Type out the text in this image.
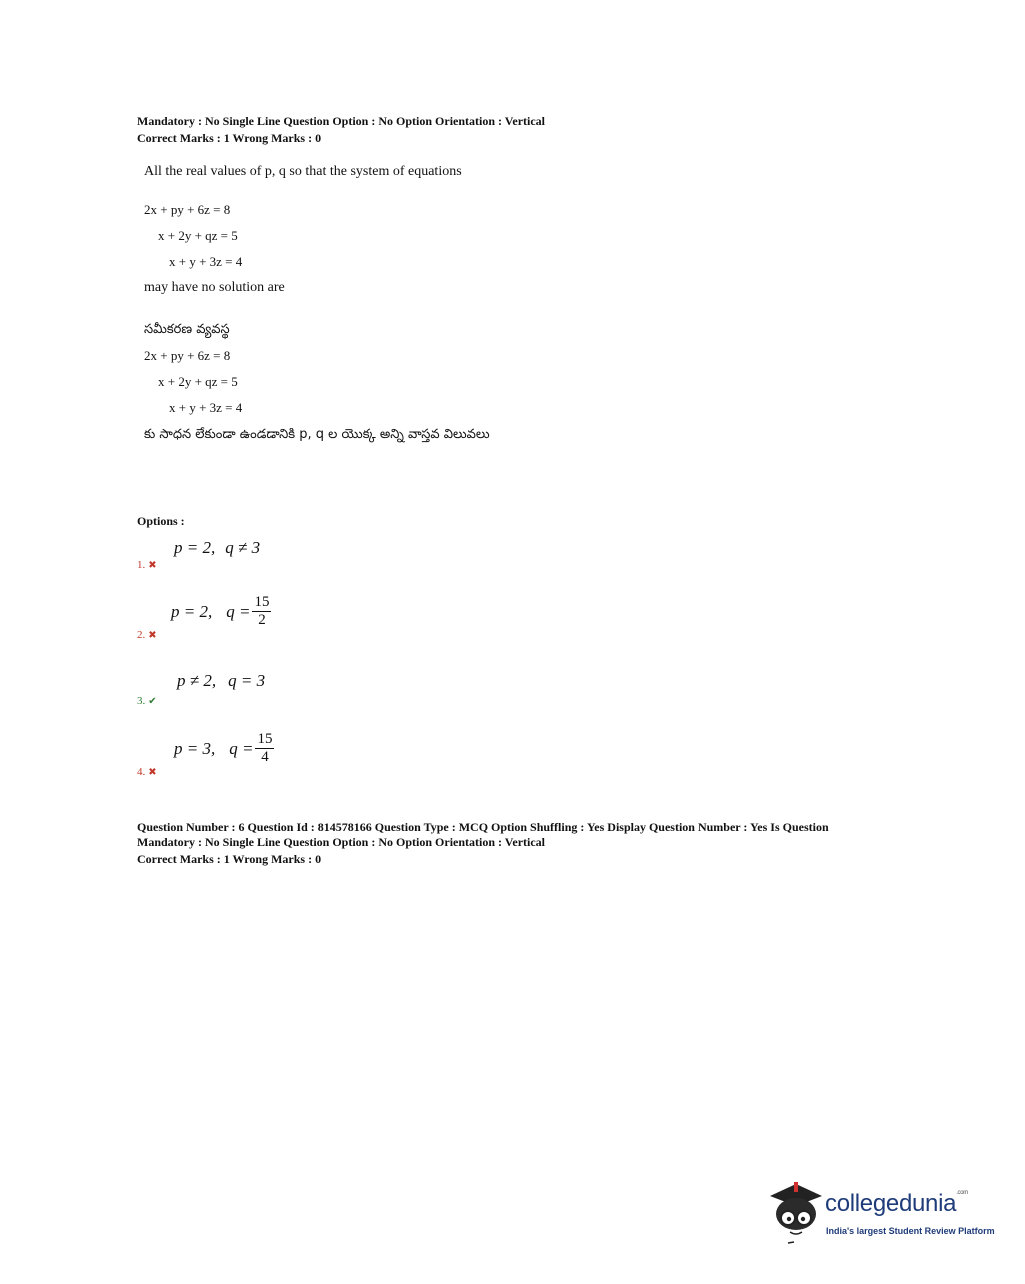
Mandatory : No Single Line Question Option : No Option Orientation : Vertical
Correct Marks : 1 Wrong Marks : 0
All the real values of p, q so that the system of equations
2x + py + 6z = 8
x + 2y + qz = 5
x + y + 3z = 4
may have no solution are
సమీకరణ వ్యవస్థ
2x + py + 6z = 8
x + 2y + qz = 5
x + y + 3z = 4
కు సాధన లేకుండా ఉండడానికి p, q ల యొక్క అన్ని వాస్తవ విలువలు
Options :
1. ✖
p = 2, q ≠ 3
2. ✖
p = 2, $q = \frac{15}{2}$
3. ✔
p ≠ 2, q = 3
4. ✖
p = 3, $q = \frac{15}{4}$
Question Number : 6 Question Id : 814578166 Question Type : MCQ Option Shuffling : Yes Display Question Number : Yes Is Question
Mandatory : No Single Line Question Option : No Option Orientation : Vertical
Correct Marks : 1 Wrong Marks : 0
collegedunia$^{.com}$
India's largest Student Review Platform
